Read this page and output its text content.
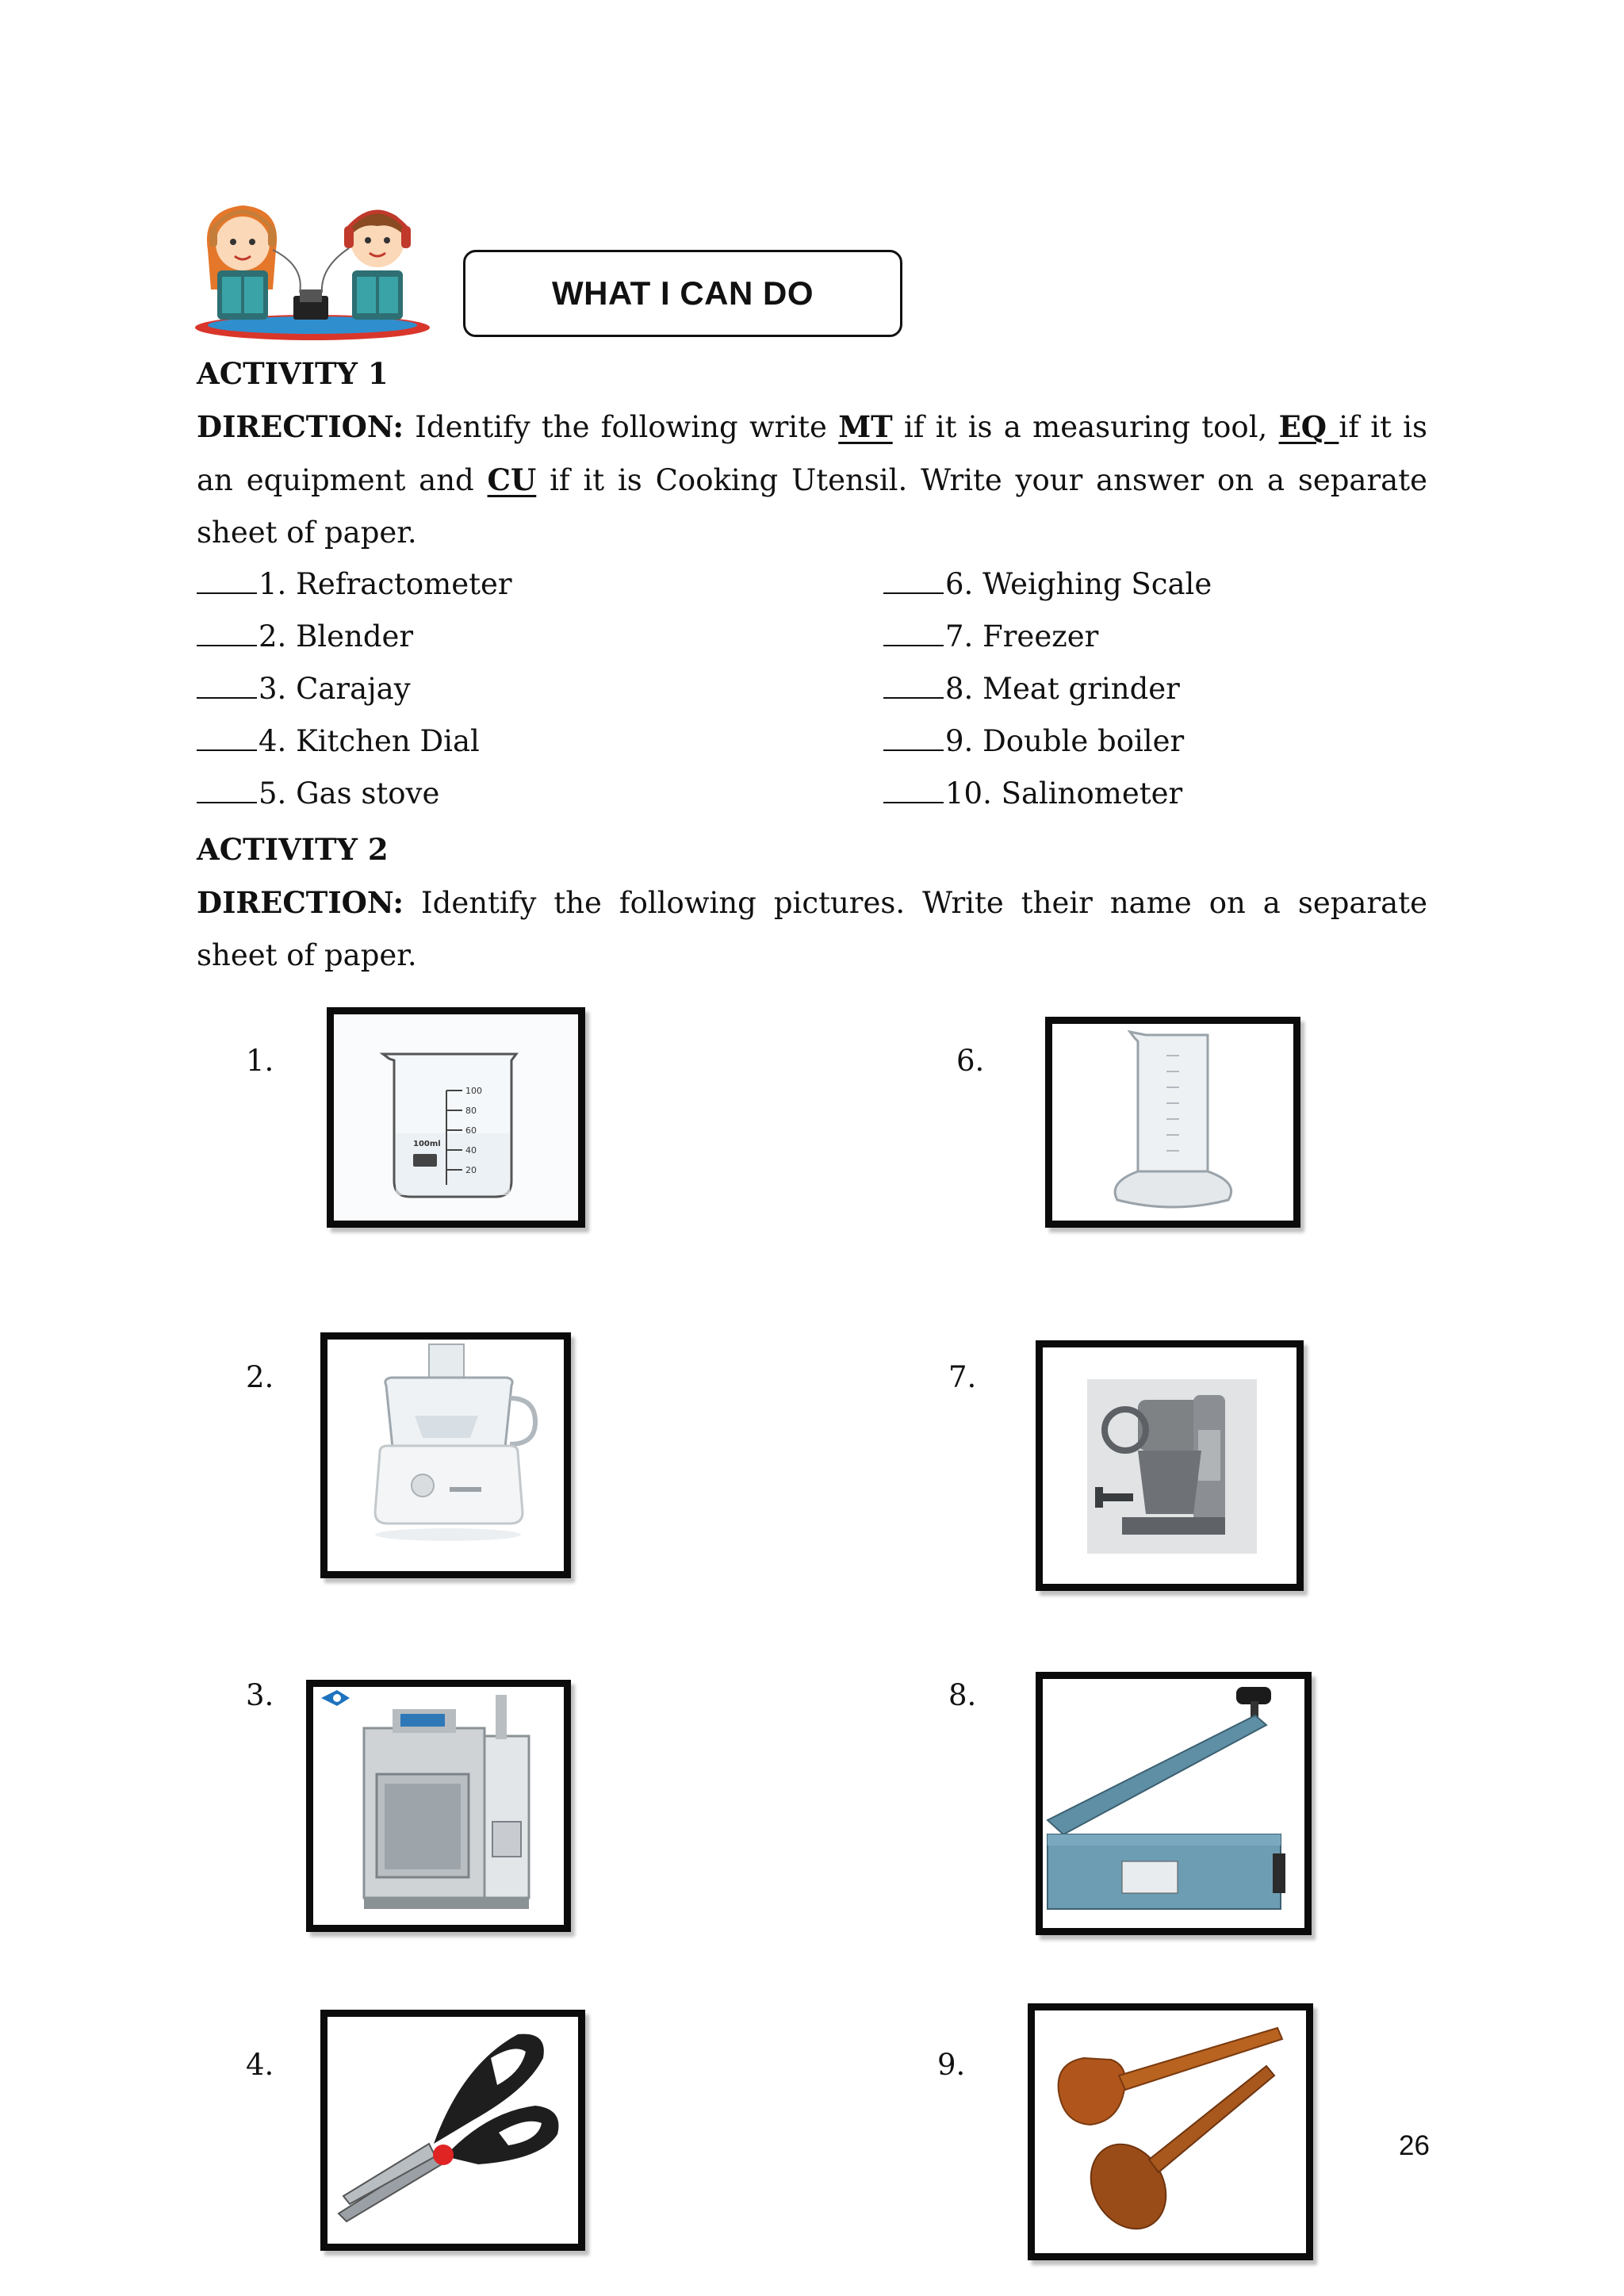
WHAT I CAN DO
ACTIVITY 1
DIRECTION: Identify the following write MT if it is a measuring tool, EQ if it is an equipment and CU if it is Cooking Utensil. Write your answer on a separate sheet of paper.
1. Refractometer
2. Blender
3. Carajay
4. Kitchen Dial
5. Gas stove
6. Weighing Scale
7. Freezer
8. Meat grinder
9. Double boiler
10. Salinometer
ACTIVITY 2
DIRECTION: Identify the following pictures. Write their name on a separate sheet of paper.
1.
2.
3.
4.
6.
7.
8.
9.
100
80
60
40
20
100ml
26
